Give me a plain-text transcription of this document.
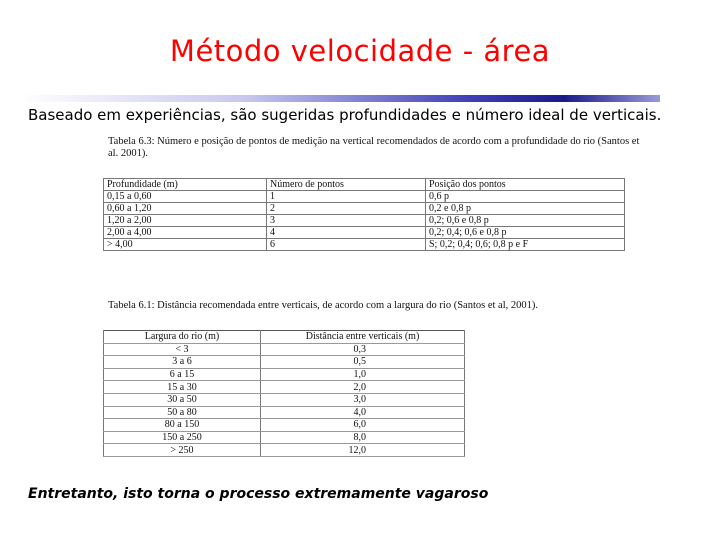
Método velocidade - área
Baseado em experiências, são sugeridas profundidades e número ideal de verticais.
Tabela 6.3: Número e posição de pontos de medição na vertical recomendados de acordo com a profundidade do rio (Santos et al. 2001).
Profundidade (m)	Número de pontos	Posição dos pontos
0,15 a 0,60	1	0,6 p
0,60 a 1,20	2	0,2 e 0,8 p
1,20 a 2,00	3	0,2; 0,6 e 0,8 p
2,00 a 4,00	4	0,2; 0,4; 0,6 e 0,8 p
> 4,00	6	S; 0,2; 0,4; 0,6; 0,8 p e F
Tabela 6.1: Distância recomendada entre verticais, de acordo com a largura do rio (Santos et al, 2001).
Largura do rio (m)	Distância entre verticais (m)
< 3	0,3
3 a 6	0,5
6 a 15	1,0
15 a 30	2,0
30 a 50	3,0
50 a 80	4,0
80 a 150	6,0
150 a 250	8,0
> 250	12,0
Entretanto, isto torna o processo extremamente vagaroso
